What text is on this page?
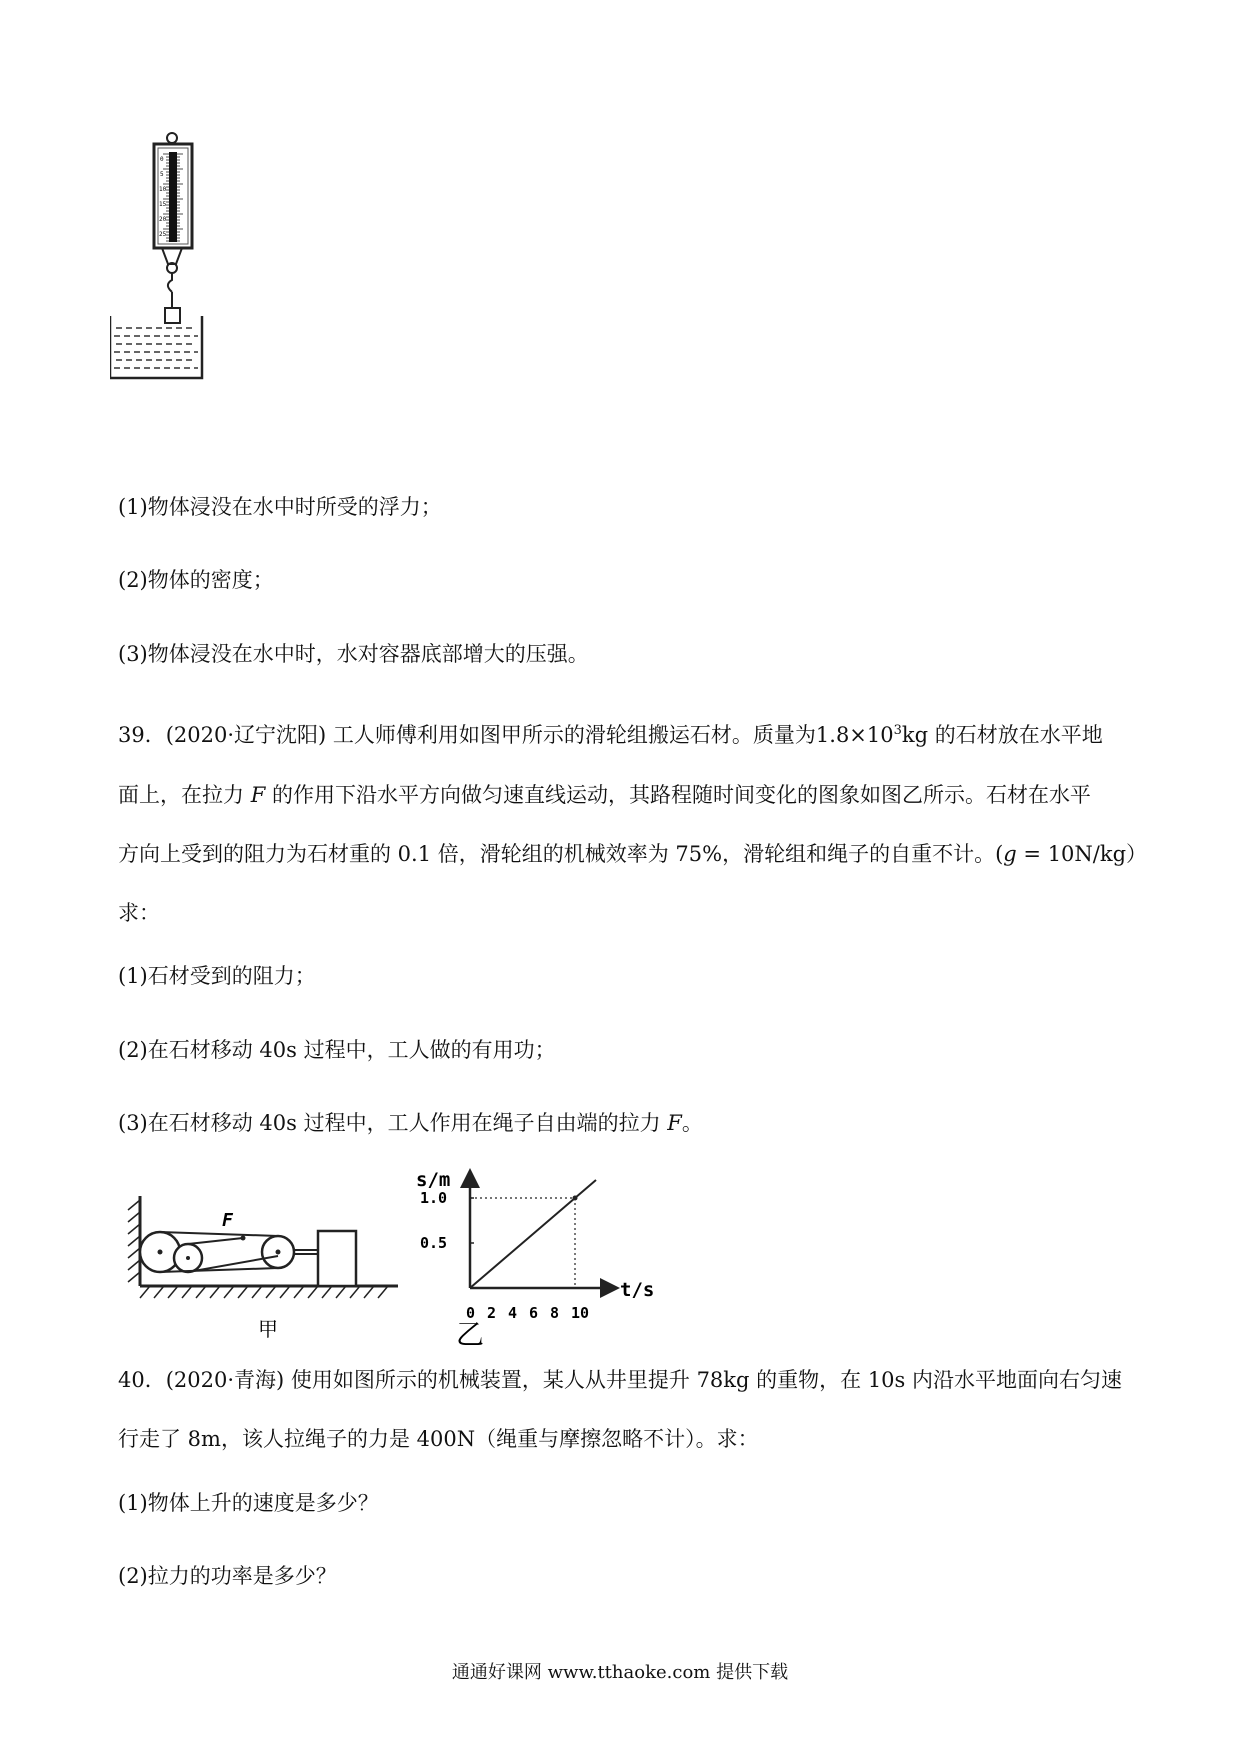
0
5
10
15
20
25
(1)物体浸没在水中时所受的浮力；
(2)物体的密度；
(3)物体浸没在水中时，水对容器底部增大的压强。
39．(2020·辽宁沈阳) 工人师傅利用如图甲所示的滑轮组搬运石材。质量为$1.8\times 10^3kg$ 的石材放在水平地
面上，在拉力 F 的作用下沿水平方向做匀速直线运动，其路程随时间变化的图象如图乙所示。石材在水平
方向上受到的阻力为石材重的 0.1 倍，滑轮组的机械效率为 75%，滑轮组和绳子的自重不计。(g = 10N/kg）
求：
(1)石材受到的阻力；
(2)在石材移动 40s 过程中，工人做的有用功；
(3)在石材移动 40s 过程中，工人作用在绳子自由端的拉力 F。
F
甲
s/m
t/s
0.5
1.0
0 2 4 6 8 10
乙
40．(2020·青海) 使用如图所示的机械装置，某人从井里提升 78kg 的重物，在 10s 内沿水平地面向右匀速
行走了 8m，该人拉绳子的力是 400N（绳重与摩擦忽略不计）。求：
(1)物体上升的速度是多少？
(2)拉力的功率是多少？
通通好课网 www.tthaoke.com 提供下载
